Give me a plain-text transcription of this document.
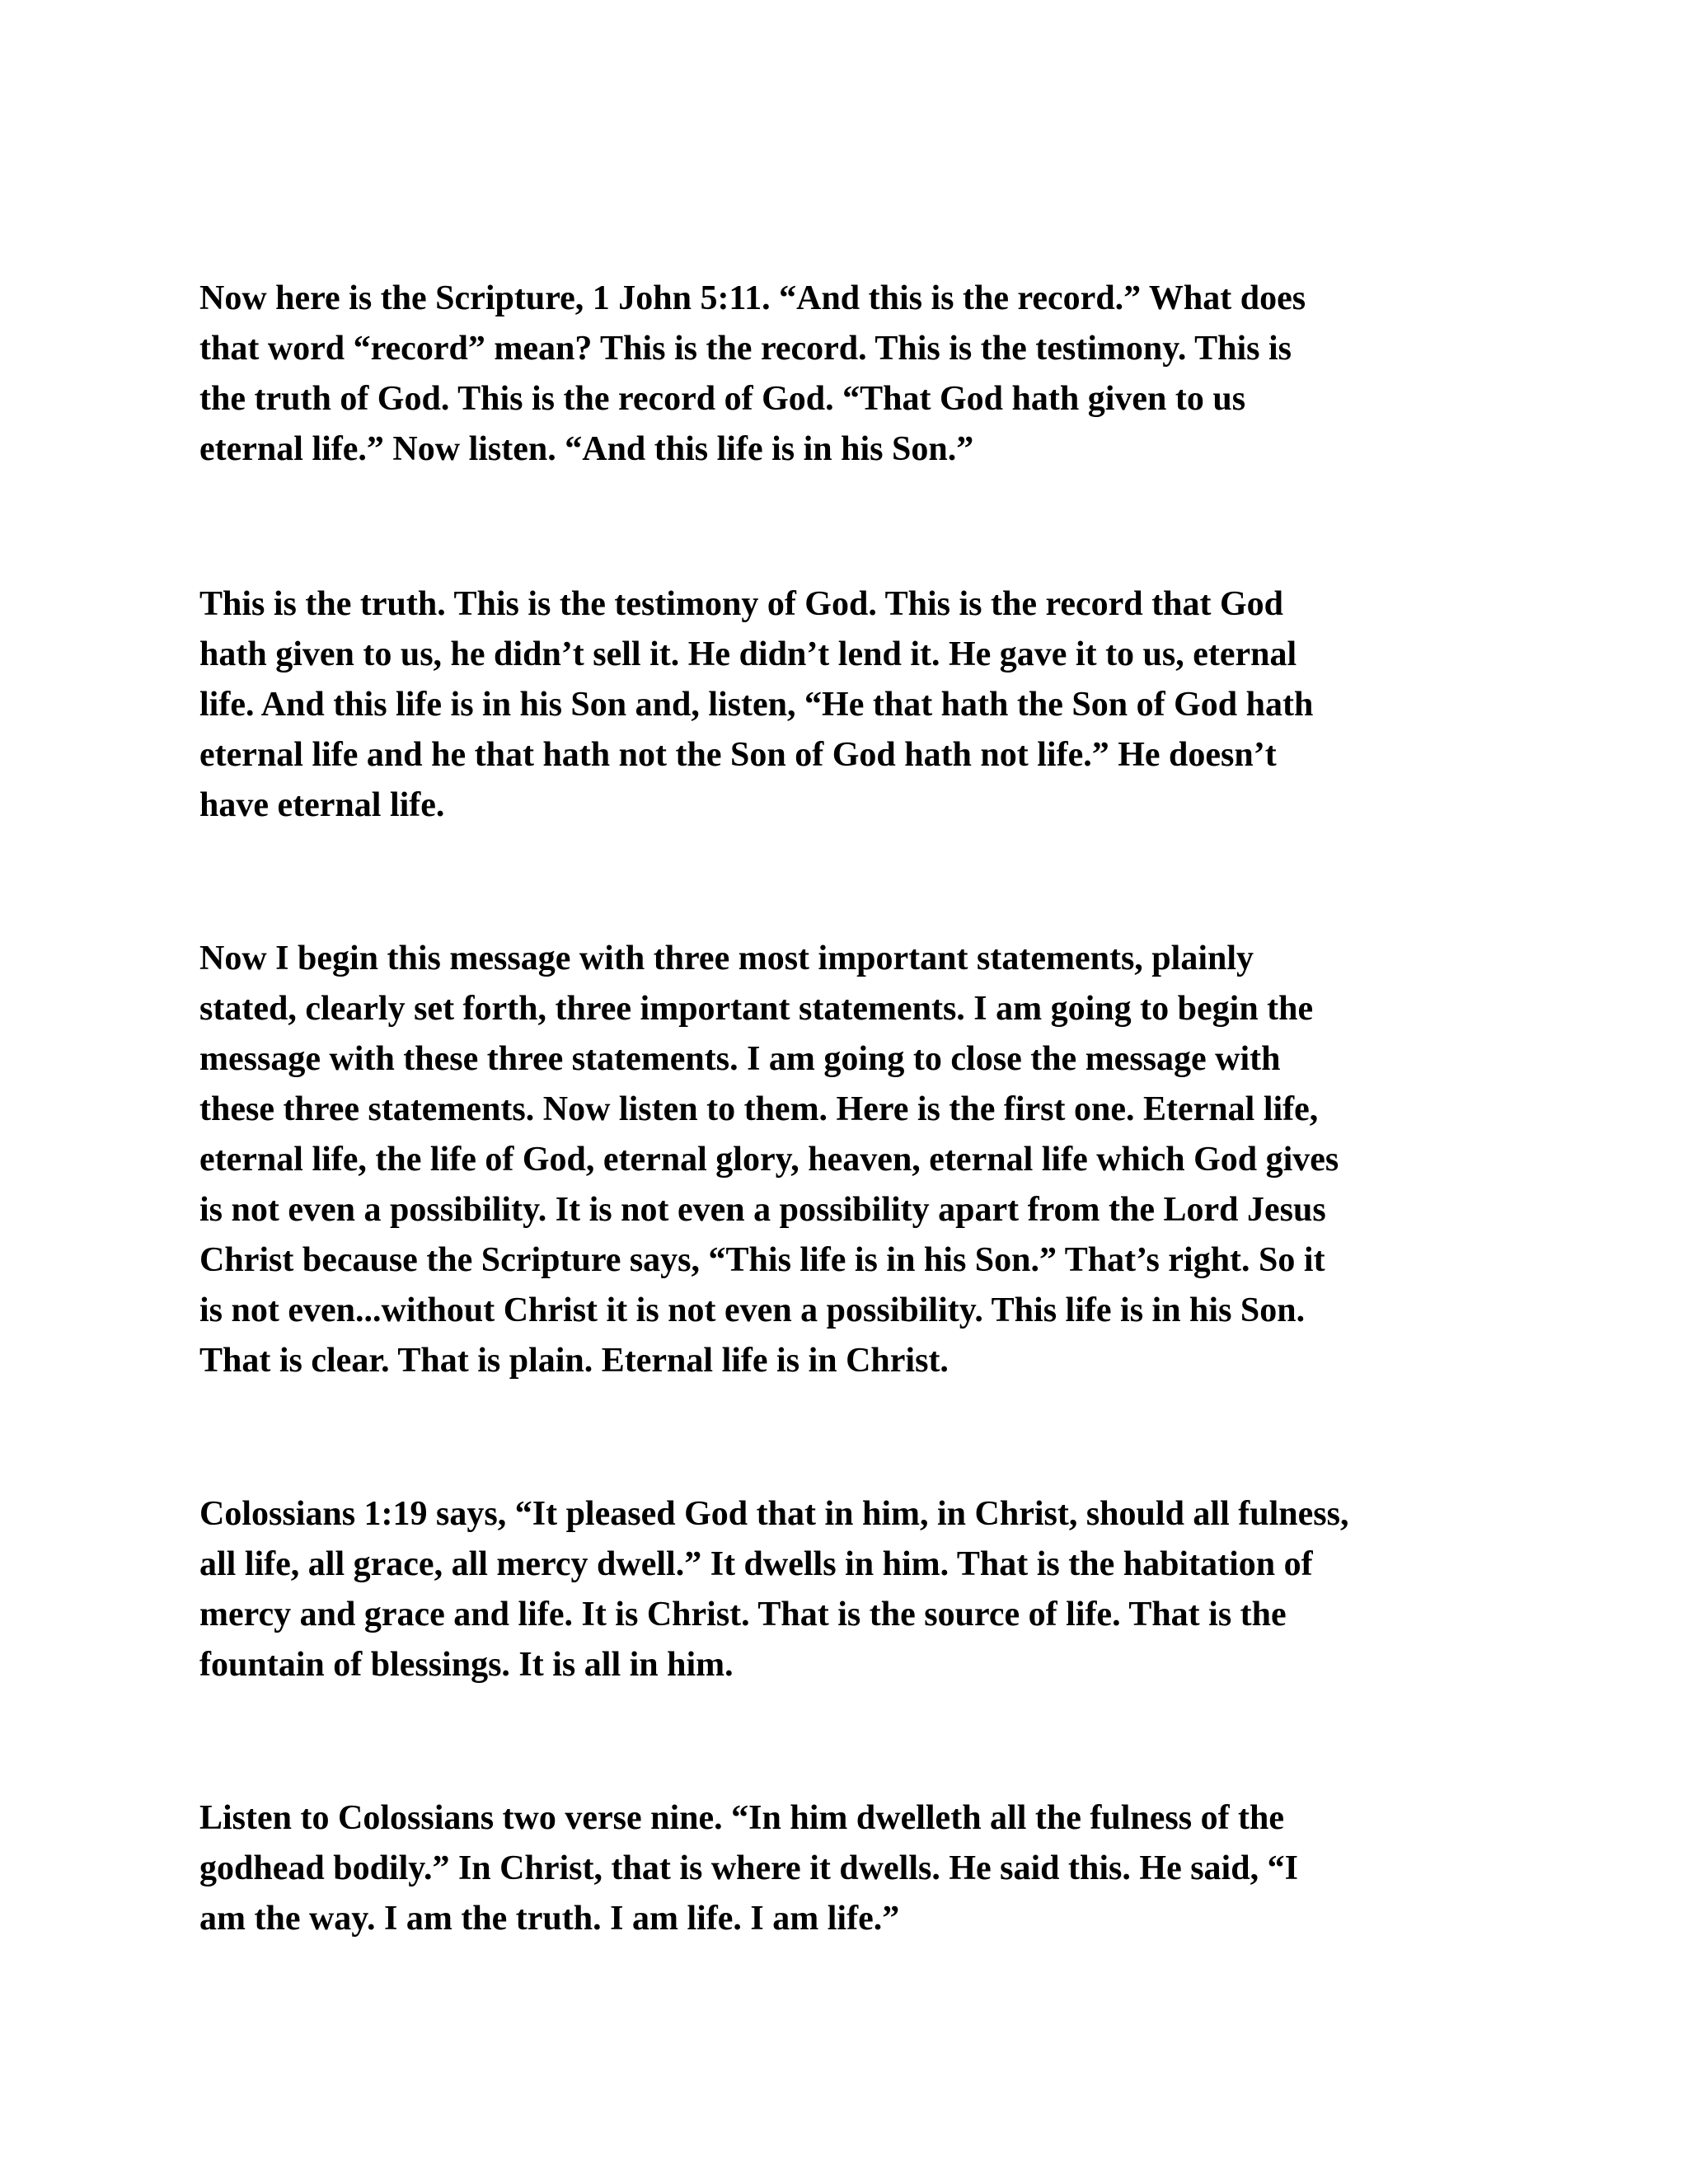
Now here is the Scripture, 1 John 5:11. “And this is the record.” What does
that word “record” mean? This is the record. This is the testimony. This is
the truth of God. This is the record of God. “That God hath given to us
eternal life.” Now listen. “And this life is in his Son.”

This is the truth. This is the testimony of God. This is the record that God
hath given to us, he didn’t sell it. He didn’t lend it. He gave it to us, eternal
life. And this life is in his Son and, listen, “He that hath the Son of God hath
eternal life and he that hath not the Son of God hath not life.” He doesn’t
have eternal life.

Now I begin this message with three most important statements, plainly
stated, clearly set forth, three important statements. I am going to begin the
message with these three statements. I am going to close the message with
these three statements. Now listen to them. Here is the first one. Eternal life,
eternal life, the life of God, eternal glory, heaven, eternal life which God gives
is not even a possibility. It is not even a possibility apart from the Lord Jesus
Christ because the Scripture says, “This life is in his Son.” That’s right. So it
is not even...without Christ it is not even a possibility. This life is in his Son.
That is clear. That is plain. Eternal life is in Christ.

Colossians 1:19 says, “It pleased God that in him, in Christ, should all fulness,
all life, all grace, all mercy dwell.” It dwells in him. That is the habitation of
mercy and grace and life. It is Christ. That is the source of life. That is the
fountain of blessings. It is all in him.

Listen to Colossians two verse nine. “In him dwelleth all the fulness of the
godhead bodily.” In Christ, that is where it dwells. He said this. He said, “I
am the way. I am the truth. I am life. I am life.”
